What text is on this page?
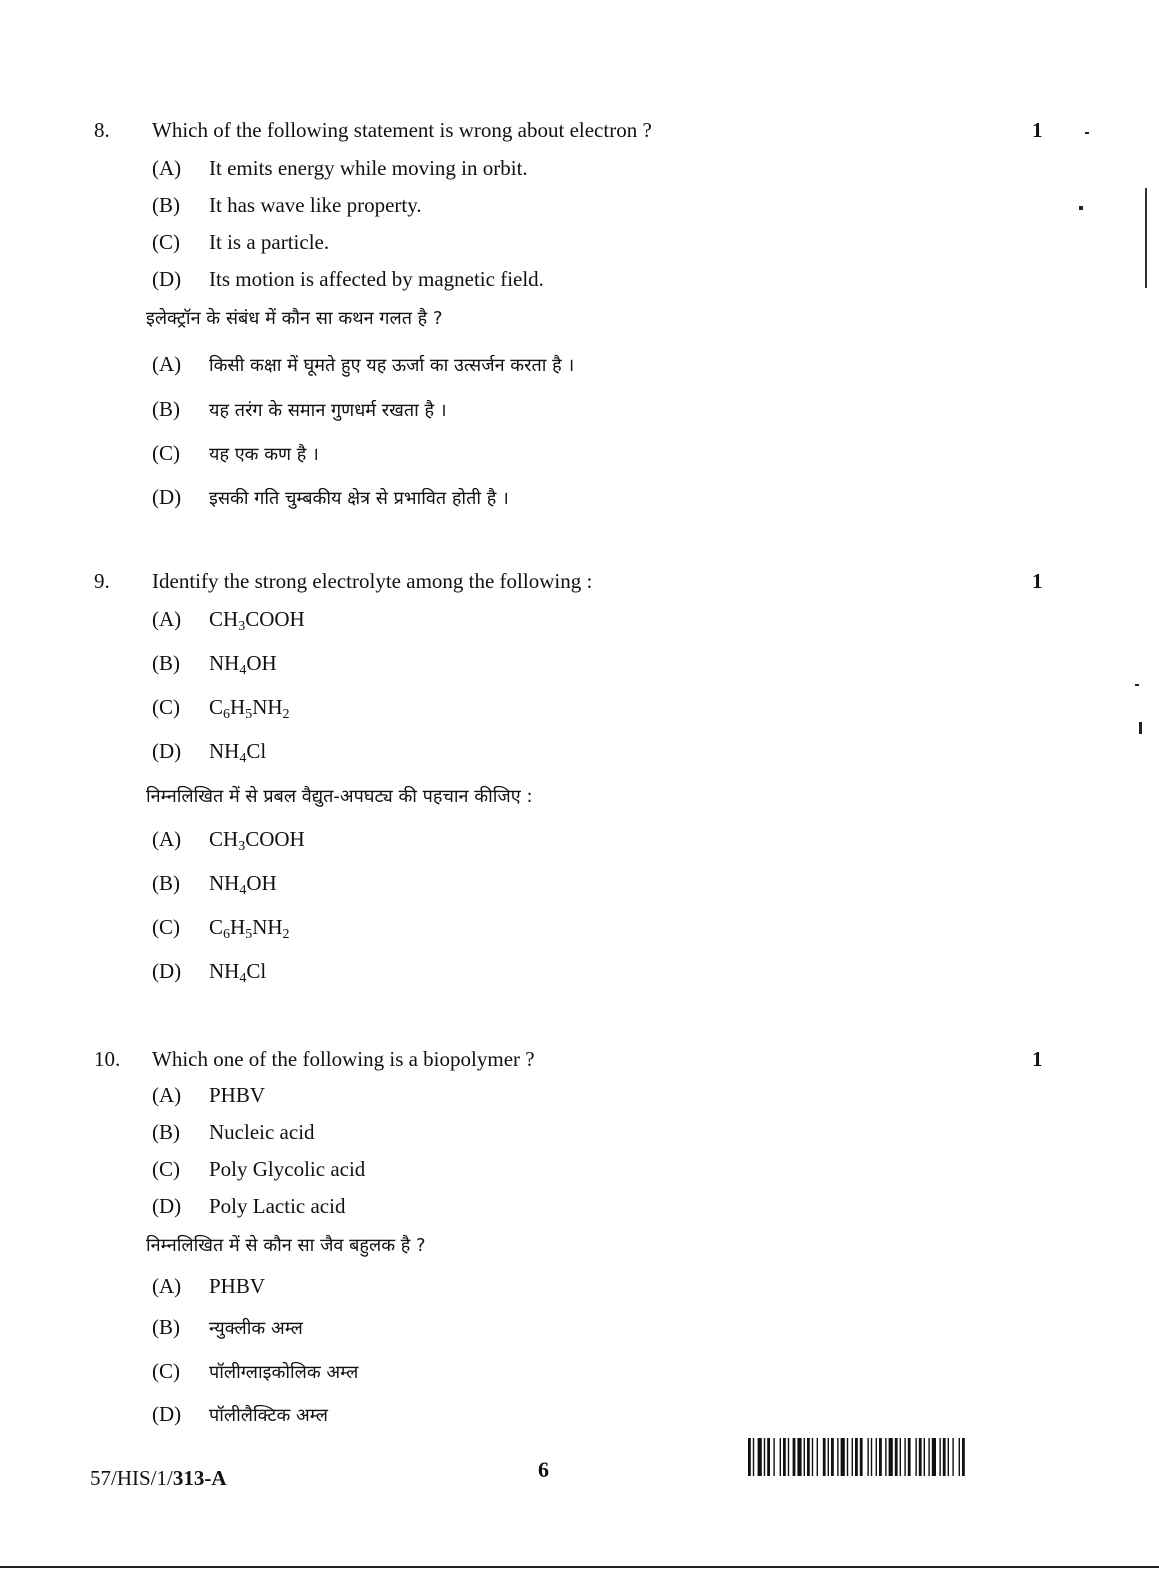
8. Which of the following statement is wrong about electron ?	1
(A) It emits energy while moving in orbit.
(B) It has wave like property.
(C) It is a particle.
(D) Its motion is affected by magnetic field.
इलेक्ट्रॉन के संबंध में कौन सा कथन गलत है ?
(A) किसी कक्षा में घूमते हुए यह ऊर्जा का उत्सर्जन करता है ।
(B) यह तरंग के समान गुणधर्म रखता है ।
(C) यह एक कण है ।
(D) इसकी गति चुम्बकीय क्षेत्र से प्रभावित होती है ।
9. Identify the strong electrolyte among the following :	1
(A) $CH_3COOH$
(B) $NH_4OH$
(C) $C_6H_5NH_2$
(D) $NH_4Cl$
निम्नलिखित में से प्रबल वैद्युत-अपघट्य की पहचान कीजिए :
(A) $CH_3COOH$
(B) $NH_4OH$
(C) $C_6H_5NH_2$
(D) $NH_4Cl$
10. Which one of the following is a biopolymer ?	1
(A) PHBV
(B) Nucleic acid
(C) Poly Glycolic acid
(D) Poly Lactic acid
निम्नलिखित में से कौन सा जैव बहुलक है ?
(A) PHBV
(B) न्युक्लीक अम्ल
(C) पॉलीग्लाइकोलिक अम्ल
(D) पॉलीलैक्टिक अम्ल
57/HIS/1/313-A	6
